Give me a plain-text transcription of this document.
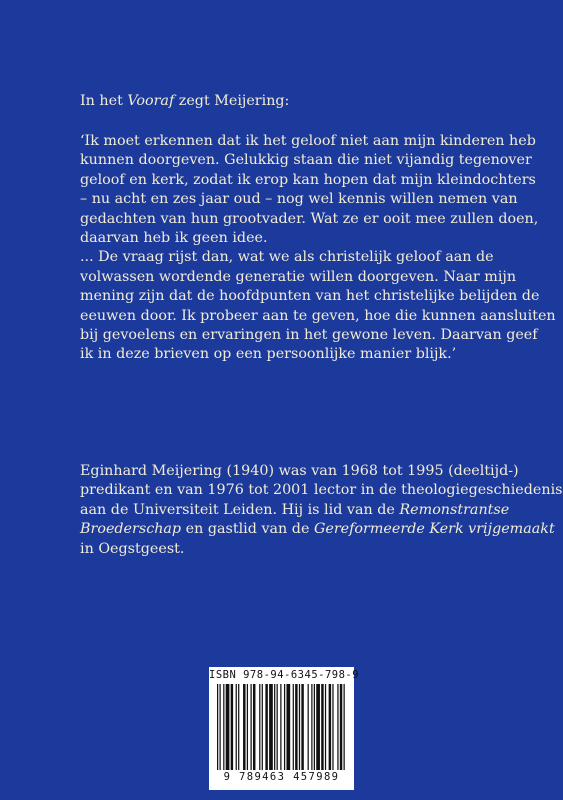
In het Vooraf zegt Meijering:

‘Ik moet erkennen dat ik het geloof niet aan mijn kinderen heb
kunnen doorgeven. Gelukkig staan die niet vijandig tegenover
geloof en kerk, zodat ik erop kan hopen dat mijn kleindochters
– nu acht en zes jaar oud – nog wel kennis willen nemen van
gedachten van hun grootvader. Wat ze er ooit mee zullen doen,
daarvan heb ik geen idee.
... De vraag rijst dan, wat we als christelijk geloof aan de
volwassen wordende generatie willen doorgeven. Naar mijn
mening zijn dat de hoofdpunten van het christelijke belijden de
eeuwen door. Ik probeer aan te geven, hoe die kunnen aansluiten
bij gevoelens en ervaringen in het gewone leven. Daarvan geef
ik in deze brieven op een persoonlijke manier blijk.’
Eginhard Meijering (1940) was van 1968 tot 1995 (deeltijd-)
predikant en van 1976 tot 2001 lector in de theologiegeschiedenis
aan de Universiteit Leiden. Hij is lid van de Remonstrantse
Broederschap en gastlid van de Gereformeerde Kerk vrijgemaakt
in Oegstgeest.
ISBN 978-94-6345-798-9
9 789463 457989
